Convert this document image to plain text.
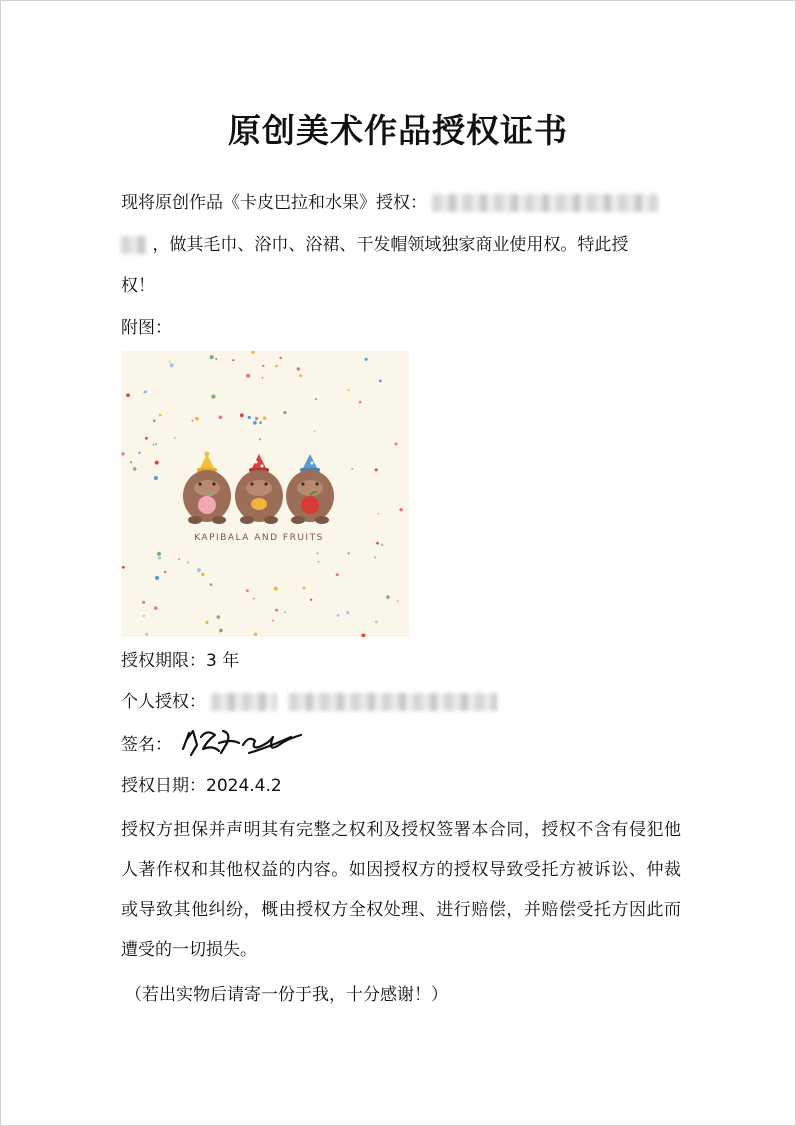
原创美术作品授权证书
现将原创作品《卡皮巴拉和水果》授权：
，做其毛巾、浴巾、浴裙、干发帽领域独家商业使用权。特此授
权！
附图：
KAPIBALA AND FRUITS
授权期限：3 年
个人授权：
签名：
授权日期：2024.4.2
授权方担保并声明其有完整之权利及授权签署本合同，授权不含有侵犯他人著作权和其他权益的内容。如因授权方的授权导致受托方被诉讼、仲裁或导致其他纠纷，概由授权方全权处理、进行赔偿，并赔偿受托方因此而遭受的一切损失。
（若出实物后请寄一份于我，十分感谢！）
